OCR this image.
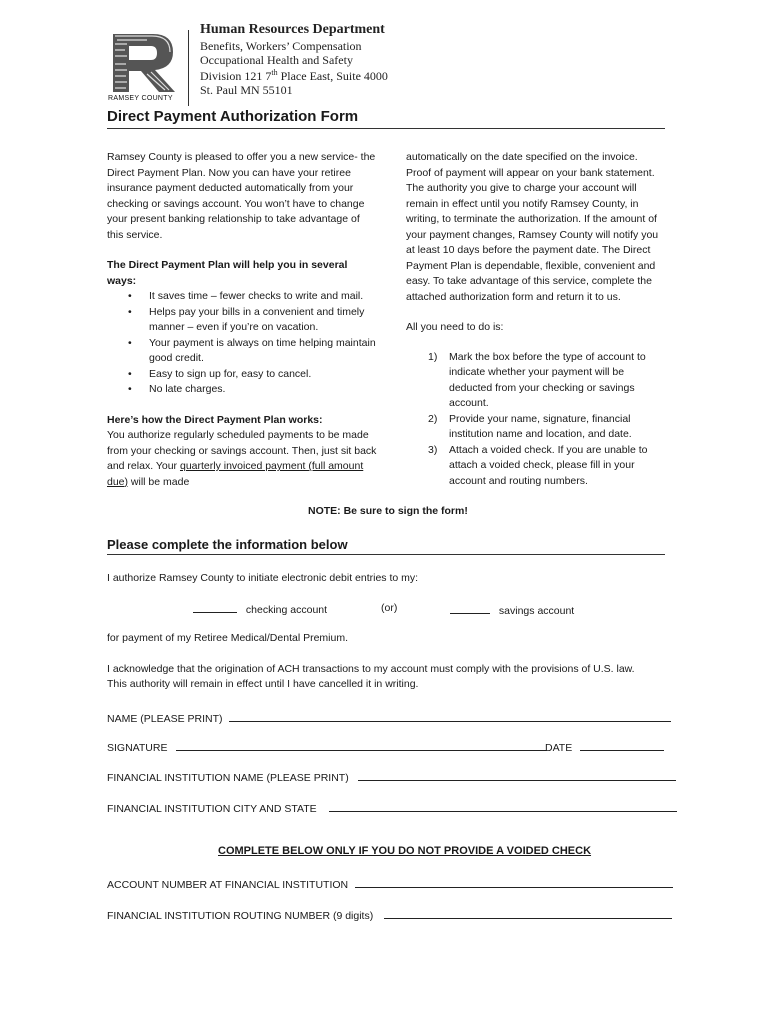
RAMSEY COUNTY
Human Resources Department
Benefits, Workers’ Compensation
Occupational Health and Safety
Division 121 7th Place East, Suite 4000
St. Paul MN 55101
Direct Payment Authorization Form

Ramsey County is pleased to offer you a new service- the Direct Payment Plan. Now you can have your retiree insurance payment deducted automatically from your checking or savings account. You won’t have to change your present banking relationship to take advantage of this service.

The Direct Payment Plan will help you in several ways:

• It saves time – fewer checks to write and mail.
• Helps pay your bills in a convenient and timely manner – even if you’re on vacation.
• Your payment is always on time helping maintain good credit.
• Easy to sign up for, easy to cancel.
• No late charges.

Here’s how the Direct Payment Plan works:

You authorize regularly scheduled payments to be made from your checking or savings account. Then, just sit back and relax. Your quarterly invoiced payment (full amount due) will be made

automatically on the date specified on the invoice. Proof of payment will appear on your bank statement. The authority you give to charge your account will remain in effect until you notify Ramsey County, in writing, to terminate the authorization. If the amount of your payment changes, Ramsey County will notify you at least 10 days before the payment date. The Direct Payment Plan is dependable, flexible, convenient and easy. To take advantage of this service, complete the attached authorization form and return it to us.

All you need to do is:

1) Mark the box before the type of account to indicate whether your payment will be deducted from your checking or savings account.
2) Provide your name, signature, financial institution name and location, and date.
3) Attach a voided check. If you are unable to attach a voided check, please fill in your account and routing numbers.
NOTE: Be sure to sign the form!
Please complete the information below
I authorize Ramsey County to initiate electronic debit entries to my:
checking account	(or)	savings account
for payment of my Retiree Medical/Dental Premium.
I acknowledge that the origination of ACH transactions to my account must comply with the provisions of U.S. law.
This authority will remain in effect until I have cancelled it in writing.
NAME (PLEASE PRINT)
SIGNATURE	DATE
FINANCIAL INSTITUTION NAME (PLEASE PRINT)
FINANCIAL INSTITUTION CITY AND STATE
COMPLETE BELOW ONLY IF YOU DO NOT PROVIDE A VOIDED CHECK
ACCOUNT NUMBER AT FINANCIAL INSTITUTION
FINANCIAL INSTITUTION ROUTING NUMBER (9 digits)
